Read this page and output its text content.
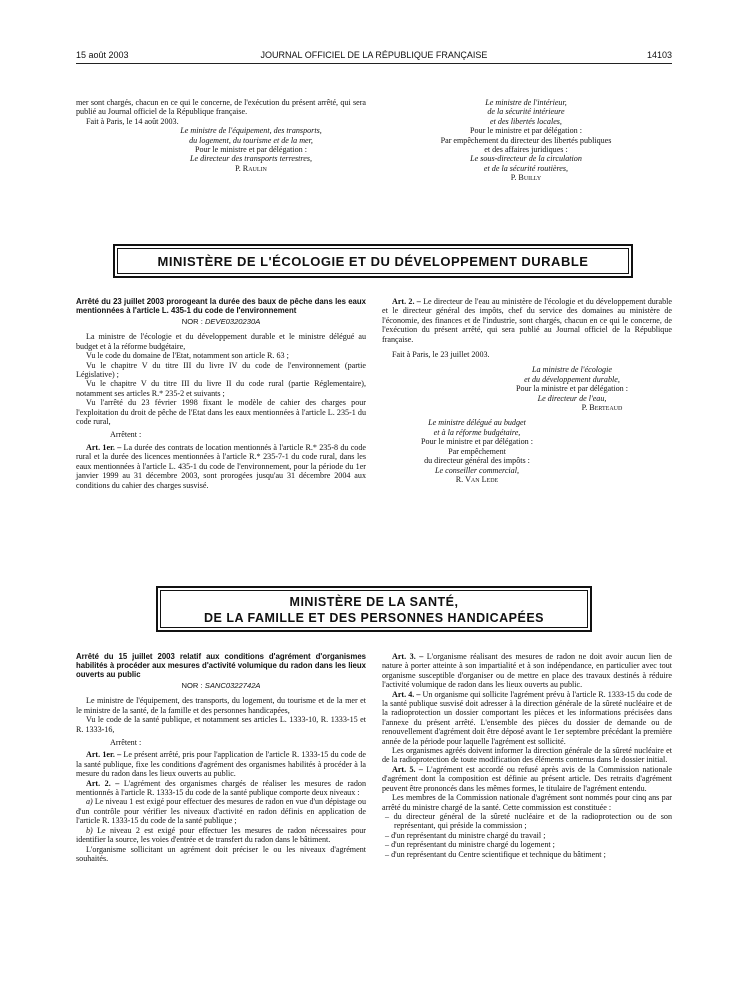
15 août 2003	JOURNAL OFFICIEL DE LA RÉPUBLIQUE FRANÇAISE	14103

mer sont chargés, chacun en ce qui le concerne, de l'exécution du présent arrêté, qui sera publié au Journal officiel de la République française.

Fait à Paris, le 14 août 2003.

Le ministre de l'équipement, des transports,

du logement, du tourisme et de la mer,

Pour le ministre et par délégation :

Le directeur des transports terrestres,

P. Raulin

Le ministre de l'intérieur,

de la sécurité intérieure

et des libertés locales,

Pour le ministre et par délégation :

Par empêchement du directeur des libertés publiques

et des affaires juridiques :

Le sous-directeur de la circulation

et de la sécurité routières,

P. Builly

MINISTÈRE DE L'ÉCOLOGIE ET DU DÉVELOPPEMENT DURABLE

Arrêté du 23 juillet 2003 prorogeant la durée des baux de pêche dans les eaux mentionnées à l'article L. 435-1 du code de l'environnement

NOR : DEVE0320230A

La ministre de l'écologie et du développement durable et le ministre délégué au budget et à la réforme budgétaire,

Vu le code du domaine de l'Etat, notamment son article R. 63 ;

Vu le chapitre V du titre III du livre IV du code de l'environnement (partie Législative) ;

Vu le chapitre V du titre III du livre II du code rural (partie Réglementaire), notamment ses articles R.* 235-2 et suivants ;

Vu l'arrêté du 23 février 1998 fixant le modèle de cahier des charges pour l'exploitation du droit de pêche de l'Etat dans les eaux mentionnées à l'article L. 235-1 du code rural,

Arrêtent :

Art. 1er. – La durée des contrats de location mentionnés à l'article R.* 235-8 du code rural et la durée des licences mentionnées à l'article R.* 235-7-1 du code rural, dans les eaux mentionnées à l'article L. 435-1 du code de l'environnement, pour la période du 1er janvier 1999 au 31 décembre 2003, sont prorogées jusqu'au 31 décembre 2004 aux conditions du cahier des charges susvisé.

Art. 2. – Le directeur de l'eau au ministère de l'écologie et du développement durable et le directeur général des impôts, chef du service des domaines au ministère de l'économie, des finances et de l'industrie, sont chargés, chacun en ce qui le concerne, de l'exécution du présent arrêté, qui sera publié au Journal officiel de la République française.

Fait à Paris, le 23 juillet 2003.

La ministre de l'écologie

et du développement durable,

Pour la ministre et par délégation :

Le directeur de l'eau,

P. Berteaud

Le ministre délégué au budget

et à la réforme budgétaire,

Pour le ministre et par délégation :

Par empêchement

du directeur général des impôts :

Le conseiller commercial,

R. Van Lede

MINISTÈRE DE LA SANTÉ,
DE LA FAMILLE ET DES PERSONNES HANDICAPÉES

Arrêté du 15 juillet 2003 relatif aux conditions d'agrément d'organismes habilités à procéder aux mesures d'activité volumique du radon dans les lieux ouverts au public

NOR : SANC0322742A

Le ministre de l'équipement, des transports, du logement, du tourisme et de la mer et le ministre de la santé, de la famille et des personnes handicapées,

Vu le code de la santé publique, et notamment ses articles L. 1333-10, R. 1333-15 et R. 1333-16,

Arrêtent :

Art. 1er. – Le présent arrêté, pris pour l'application de l'article R. 1333-15 du code de la santé publique, fixe les conditions d'agrément des organismes habilités à procéder à la mesure du radon dans les lieux ouverts au public.

Art. 2. – L'agrément des organismes chargés de réaliser les mesures de radon mentionnés à l'article R. 1333-15 du code de la santé publique comporte deux niveaux :

a) Le niveau 1 est exigé pour effectuer des mesures de radon en vue d'un dépistage ou d'un contrôle pour vérifier les niveaux d'activité en radon définis en application de l'article R. 1333-15 du code de la santé publique ;

b) Le niveau 2 est exigé pour effectuer les mesures de radon nécessaires pour identifier la source, les voies d'entrée et de transfert du radon dans le bâtiment.

L'organisme sollicitant un agrément doit préciser le ou les niveaux d'agrément souhaités.

Art. 3. – L'organisme réalisant des mesures de radon ne doit avoir aucun lien de nature à porter atteinte à son impartialité et à son indépendance, en particulier avec tout organisme susceptible d'organiser ou de mettre en place des travaux destinés à réduire l'activité volumique de radon dans les lieux ouverts au public.

Art. 4. – Un organisme qui sollicite l'agrément prévu à l'article R. 1333-15 du code de la santé publique susvisé doit adresser à la direction générale de la sûreté nucléaire et de la radioprotection un dossier comportant les pièces et les informations précisées dans l'annexe du présent arrêté. L'ensemble des pièces du dossier de demande ou de renouvellement d'agrément doit être déposé avant le 1er septembre précédant la première année de la période pour laquelle l'agrément est sollicité.

Les organismes agréés doivent informer la direction générale de la sûreté nucléaire et de la radioprotection de toute modification des éléments contenus dans le dossier initial.

Art. 5. – L'agrément est accordé ou refusé après avis de la Commission nationale d'agrément dont la composition est définie au présent article. Des retraits d'agrément peuvent être prononcés dans les mêmes formes, le titulaire de l'agrément entendu.

Les membres de la Commission nationale d'agrément sont nommés pour cinq ans par arrêté du ministre chargé de la santé. Cette commission est constituée :

– du directeur général de la sûreté nucléaire et de la radioprotection ou de son représentant, qui préside la commission ;
– d'un représentant du ministre chargé du travail ;
– d'un représentant du ministre chargé du logement ;
– d'un représentant du Centre scientifique et technique du bâtiment ;
